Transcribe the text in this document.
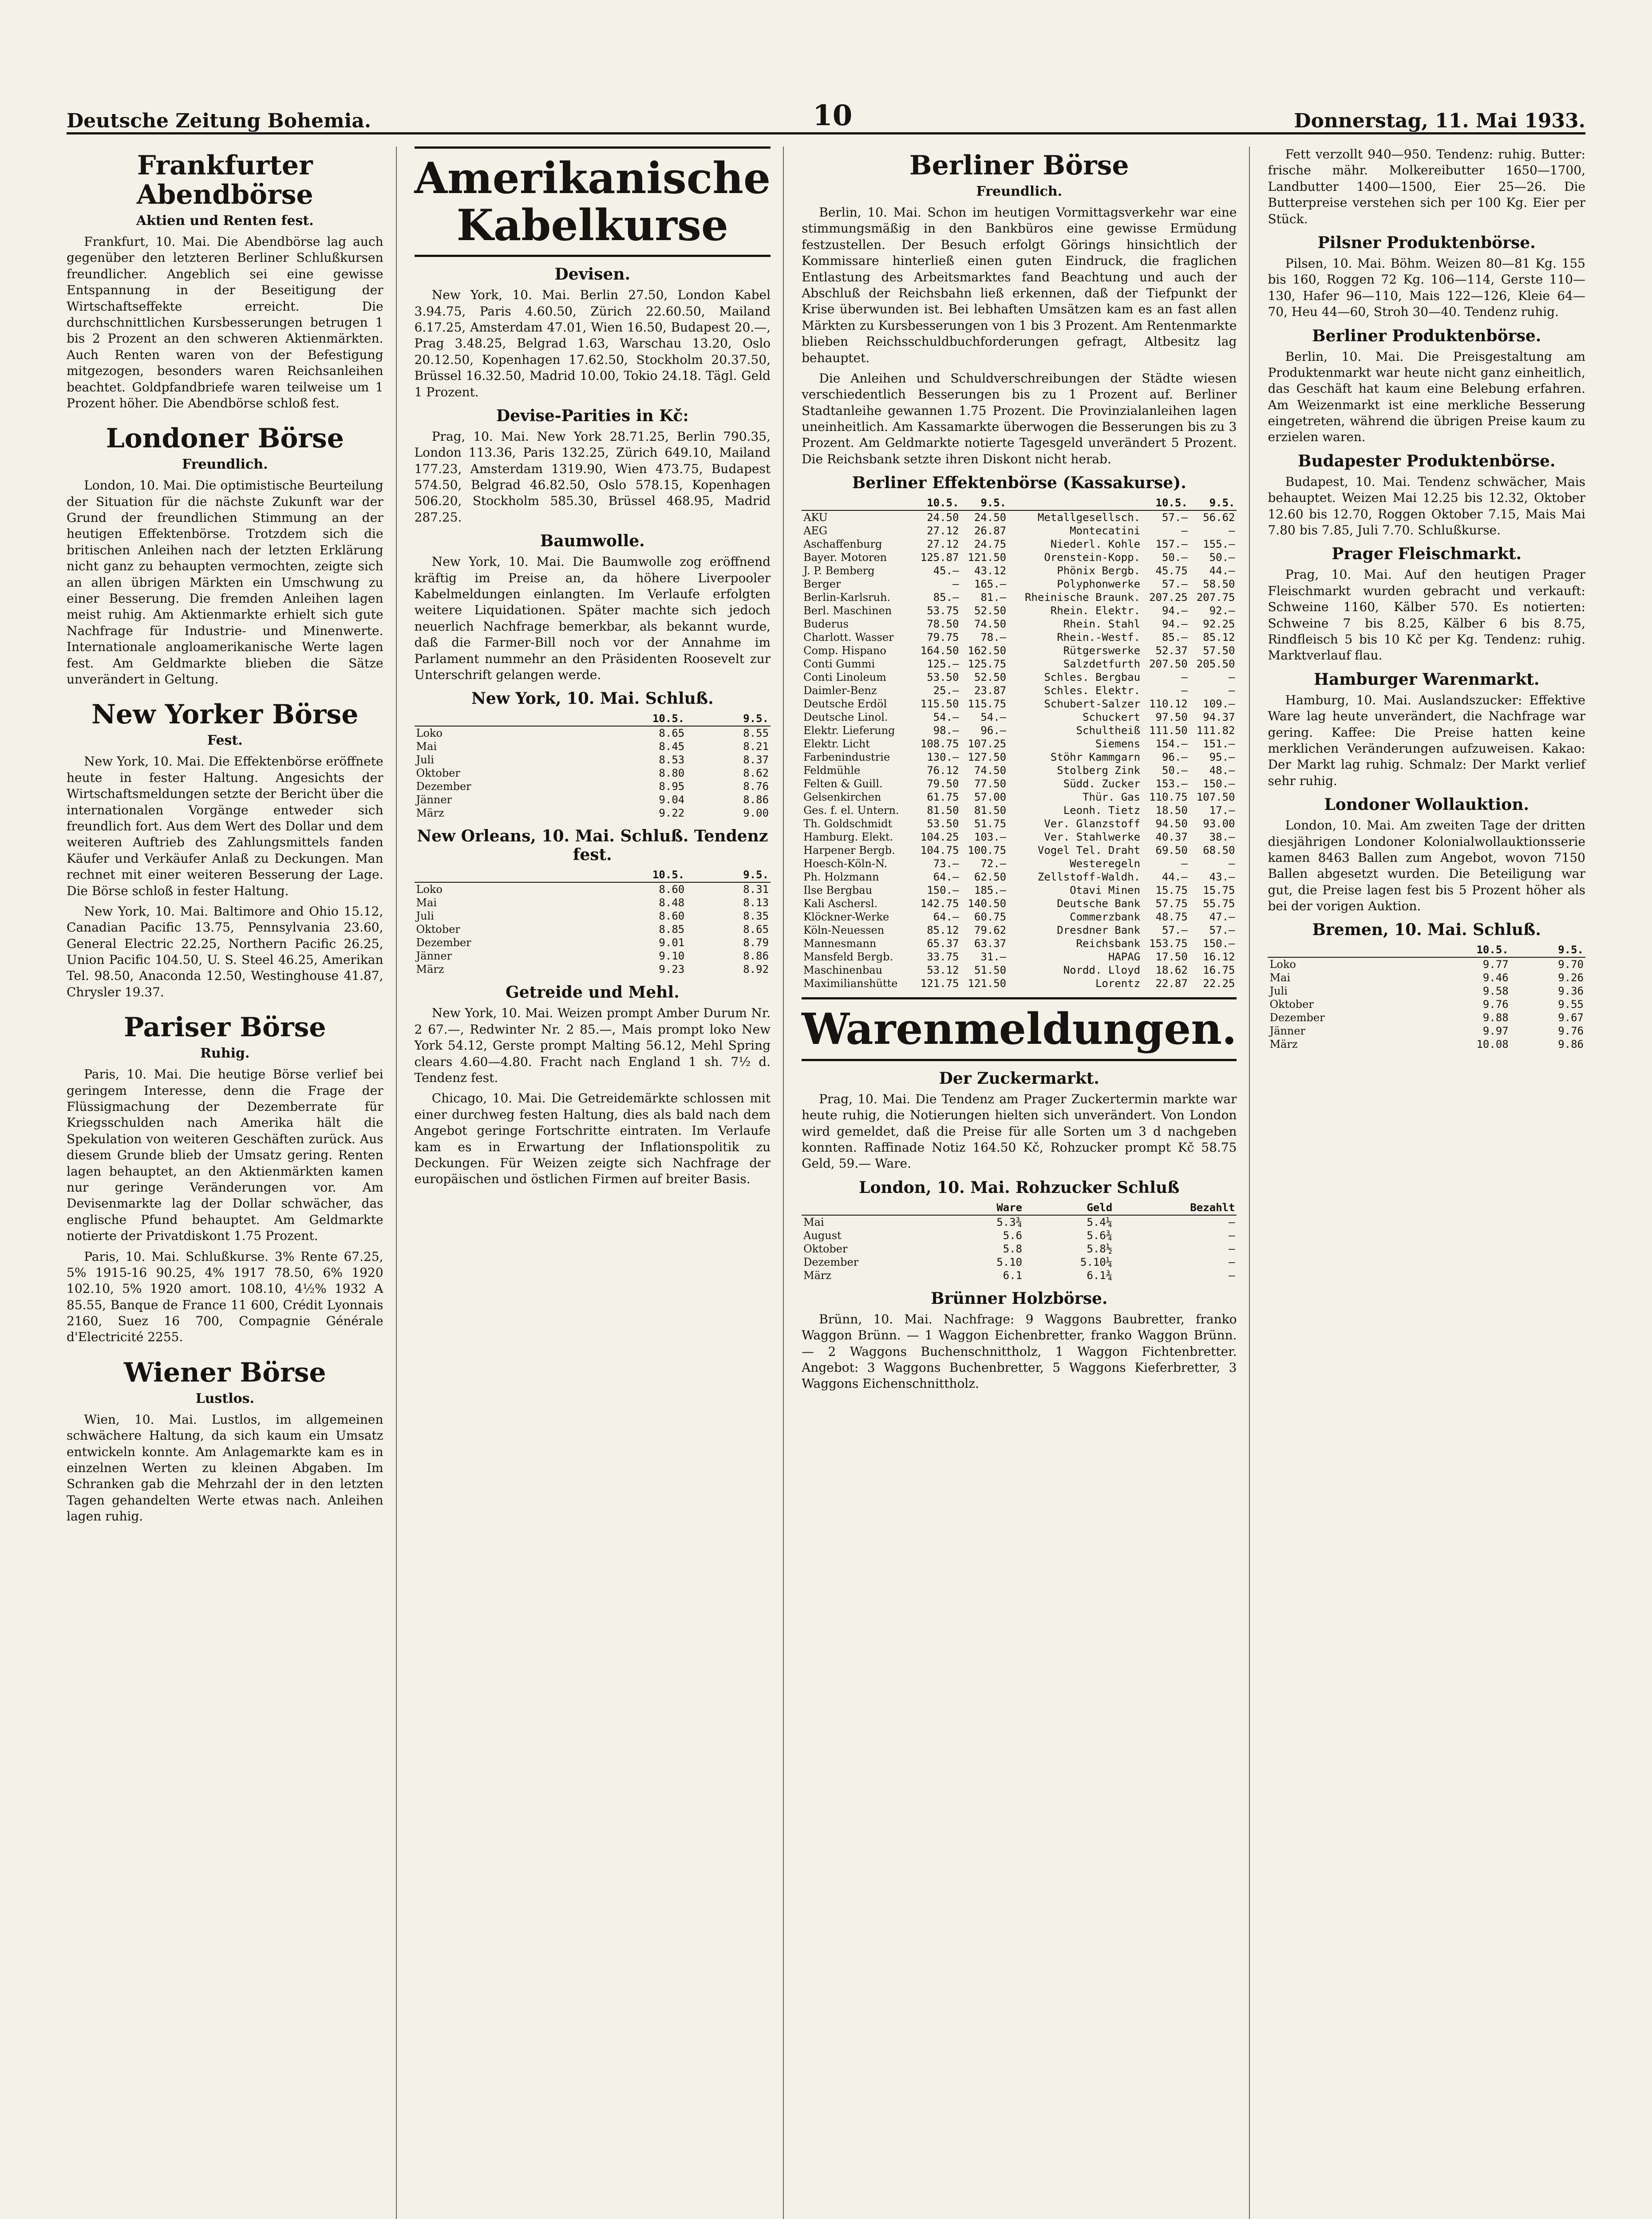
Deutsche Zeitung Bohemia.	10	Donnerstag, 11. Mai 1933.
Frankfurter Abendbörse
Aktien und Renten fest.

Frankfurt, 10. Mai. Die Abendbörse lag auch gegenüber den letzteren Berliner Schlußkursen freundlicher. Angeblich sei eine gewisse Entspannung in der Beseitigung der Wirtschaftseffekte erreicht. Die durchschnittlichen Kursbesserungen betrugen 1 bis 2 Prozent an den schweren Aktienmärkten. Auch Renten waren von der Befestigung mitgezogen, besonders waren Reichsanleihen beachtet. Goldpfandbriefe waren teilweise um 1 Prozent höher. Die Abendbörse schloß fest.

Londoner Börse
Freundlich.

London, 10. Mai. Die optimistische Beurteilung der Situation für die nächste Zukunft war der Grund der freundlichen Stimmung an der heutigen Effektenbörse. Trotzdem sich die britischen Anleihen nach der letzten Erklärung nicht ganz zu behaupten vermochten, zeigte sich an allen übrigen Märkten ein Umschwung zu einer Besserung. Die fremden Anleihen lagen meist ruhig. Am Aktienmarkte erhielt sich gute Nachfrage für Industrie- und Minenwerte. Internationale angloamerikanische Werte lagen fest. Am Geldmarkte blieben die Sätze unverändert in Geltung.

New Yorker Börse
Fest.

New York, 10. Mai. Die Effektenbörse eröffnete heute in fester Haltung. Angesichts der Wirtschaftsmeldungen setzte der Bericht über die internationalen Vorgänge entweder sich freundlich fort. Aus dem Wert des Dollar und dem weiteren Auftrieb des Zahlungsmittels fanden Käufer und Verkäufer Anlaß zu Deckungen. Man rechnet mit einer weiteren Besserung der Lage. Die Börse schloß in fester Haltung.

New York, 10. Mai. Baltimore and Ohio 15.12, Canadian Pacific 13.75, Pennsylvania 23.60, General Electric 22.25, Northern Pacific 26.25, Union Pacific 104.50, U. S. Steel 46.25, Amerikan Tel. 98.50, Anaconda 12.50, Westinghouse 41.87, Chrysler 19.37.

Pariser Börse
Ruhig.

Paris, 10. Mai. Die heutige Börse verlief bei geringem Interesse, denn die Frage der Flüssigmachung der Dezemberrate für Kriegsschulden nach Amerika hält die Spekulation von weiteren Geschäften zurück. Aus diesem Grunde blieb der Umsatz gering. Renten lagen behauptet, an den Aktienmärkten kamen nur geringe Veränderungen vor. Am Devisenmarkte lag der Dollar schwächer, das englische Pfund behauptet. Am Geldmarkte notierte der Privatdiskont 1.75 Prozent.

Paris, 10. Mai. Schlußkurse. 3% Rente 67.25, 5% 1915-16 90.25, 4% 1917 78.50, 6% 1920 102.10, 5% 1920 amort. 108.10, 4½% 1932 A 85.55, Banque de France 11 600, Crédit Lyonnais 2160, Suez 16 700, Compagnie Générale d'Electricité 2255.

Wiener Börse
Lustlos.

Wien, 10. Mai. Lustlos, im allgemeinen schwächere Haltung, da sich kaum ein Umsatz entwickeln konnte. Am Anlagemarkte kam es in einzelnen Werten zu kleinen Abgaben. Im Schranken gab die Mehrzahl der in den letzten Tagen gehandelten Werte etwas nach. Anleihen lagen ruhig.

Amerikanische Kabelkurse
Devisen.

New York, 10. Mai. Berlin 27.50, London Kabel 3.94.75, Paris 4.60.50, Zürich 22.60.50, Mailand 6.17.25, Amsterdam 47.01, Wien 16.50, Budapest 20.—, Prag 3.48.25, Belgrad 1.63, Warschau 13.20, Oslo 20.12.50, Kopenhagen 17.62.50, Stockholm 20.37.50, Brüssel 16.32.50, Madrid 10.00, Tokio 24.18. Tägl. Geld 1 Prozent.

Devise-Parities in Kč:

Prag, 10. Mai. New York 28.71.25, Berlin 790.35, London 113.36, Paris 132.25, Zürich 649.10, Mailand 177.23, Amsterdam 1319.90, Wien 473.75, Budapest 574.50, Belgrad 46.82.50, Oslo 578.15, Kopenhagen 506.20, Stockholm 585.30, Brüssel 468.95, Madrid 287.25.

Baumwolle.

New York, 10. Mai. Die Baumwolle zog eröffnend kräftig im Preise an, da höhere Liverpooler Kabelmeldungen einlangten. Im Verlaufe erfolgten weitere Liquidationen. Später machte sich jedoch neuerlich Nachfrage bemerkbar, als bekannt wurde, daß die Farmer-Bill noch vor der Annahme im Parlament nummehr an den Präsidenten Roosevelt zur Unterschrift gelangen werde.

New York, 10. Mai. Schluß.
	10.5.	9.5.
Loko	8.65	8.55
Mai	8.45	8.21
Juli	8.53	8.37
Oktober	8.80	8.62
Dezember	8.95	8.76
Jänner	9.04	8.86
März	9.22	9.00
New Orleans, 10. Mai. Schluß. Tendenz fest.
	10.5.	9.5.
Loko	8.60	8.31
Mai	8.48	8.13
Juli	8.60	8.35
Oktober	8.85	8.65
Dezember	9.01	8.79
Jänner	9.10	8.86
März	9.23	8.92
Getreide und Mehl.

New York, 10. Mai. Weizen prompt Amber Durum Nr. 2 67.—, Redwinter Nr. 2 85.—, Mais prompt loko New York 54.12, Gerste prompt Malting 56.12, Mehl Spring clears 4.60—4.80. Fracht nach England 1 sh. 7½ d. Tendenz fest.

Chicago, 10. Mai. Die Getreidemärkte schlossen mit einer durchweg festen Haltung, dies als bald nach dem Angebot geringe Fortschritte eintraten. Im Verlaufe kam es in Erwartung der Inflationspolitik zu Deckungen. Für Weizen zeigte sich Nachfrage der europäischen und östlichen Firmen auf breiter Basis.

Berliner Börse
Freundlich.

Berlin, 10. Mai. Schon im heutigen Vormittagsverkehr war eine stimmungsmäßig in den Bankbüros eine gewisse Ermüdung festzustellen. Der Besuch erfolgt Görings hinsichtlich der Kommissare hinterließ einen guten Eindruck, die fraglichen Entlastung des Arbeitsmarktes fand Beachtung und auch der Abschluß der Reichsbahn ließ erkennen, daß der Tiefpunkt der Krise überwunden ist. Bei lebhaften Umsätzen kam es an fast allen Märkten zu Kursbesserungen von 1 bis 3 Prozent. Am Rentenmarkte blieben Reichsschuldbuchforderungen gefragt, Altbesitz lag behauptet.

Die Anleihen und Schuldverschreibungen der Städte wiesen verschiedentlich Besserungen bis zu 1 Prozent auf. Berliner Stadtanleihe gewannen 1.75 Prozent. Die Provinzialanleihen lagen uneinheitlich. Am Kassamarkte überwogen die Besserungen bis zu 3 Prozent. Am Geldmarkte notierte Tagesgeld unverändert 5 Prozent. Die Reichsbank setzte ihren Diskont nicht herab.

Berliner Effektenbörse (Kassakurse).
	10.5.	9.5.		10.5.	9.5.
AKU	24.50	24.50	Metallgesellsch.	57.—	56.62
AEG	27.12	26.87	Montecatini	—	—
Aschaffenburg	27.12	24.75	Niederl. Kohle	157.—	155.—
Bayer. Motoren	125.87	121.50	Orenstein-Kopp.	50.—	50.—
J. P. Bemberg	45.—	43.12	Phönix Bergb.	45.75	44.—
Berger	—	165.—	Polyphonwerke	57.—	58.50
Berlin-Karlsruh.	85.—	81.—	Rheinische Braunk.	207.25	207.75
Berl. Maschinen	53.75	52.50	Rhein. Elektr.	94.—	92.—
Buderus	78.50	74.50	Rhein. Stahl	94.—	92.25
Charlott. Wasser	79.75	78.—	Rhein.-Westf.	85.—	85.12
Comp. Hispano	164.50	162.50	Rütgerswerke	52.37	57.50
Conti Gummi	125.—	125.75	Salzdetfurth	207.50	205.50
Conti Linoleum	53.50	52.50	Schles. Bergbau	—	—
Daimler-Benz	25.—	23.87	Schles. Elektr.	—	—
Deutsche Erdöl	115.50	115.75	Schubert-Salzer	110.12	109.—
Deutsche Linol.	54.—	54.—	Schuckert	97.50	94.37
Elektr. Lieferung	98.—	96.—	Schultheiß	111.50	111.82
Elektr. Licht	108.75	107.25	Siemens	154.—	151.—
Farbenindustrie	130.—	127.50	Stöhr Kammgarn	96.—	95.—
Feldmühle	76.12	74.50	Stolberg Zink	50.—	48.—
Felten & Guill.	79.50	77.50	Südd. Zucker	153.—	150.—
Gelsenkirchen	61.75	57.00	Thür. Gas	110.75	107.50
Ges. f. el. Untern.	81.50	81.50	Leonh. Tietz	18.50	17.—
Th. Goldschmidt	53.50	51.75	Ver. Glanzstoff	94.50	93.00
Hamburg. Elekt.	104.25	103.—	Ver. Stahlwerke	40.37	38.—
Harpener Bergb.	104.75	100.75	Vogel Tel. Draht	69.50	68.50
Hoesch-Köln-N.	73.—	72.—	Westeregeln	—	—
Ph. Holzmann	64.—	62.50	Zellstoff-Waldh.	44.—	43.—
Ilse Bergbau	150.—	185.—	Otavi Minen	15.75	15.75
Kali Aschersl.	142.75	140.50	Deutsche Bank	57.75	55.75
Klöckner-Werke	64.—	60.75	Commerzbank	48.75	47.—
Köln-Neuessen	85.12	79.62	Dresdner Bank	57.—	57.—
Mannesmann	65.37	63.37	Reichsbank	153.75	150.—
Mansfeld Bergb.	33.75	31.—	HAPAG	17.50	16.12
Maschinenbau	53.12	51.50	Nordd. Lloyd	18.62	16.75
Maximilianshütte	121.75	121.50	Lorentz	22.87	22.25
Warenmeldungen.
Der Zuckermarkt.

Prag, 10. Mai. Die Tendenz am Prager Zuckertermin markte war heute ruhig, die Notierungen hielten sich unverändert. Von London wird gemeldet, daß die Preise für alle Sorten um 3 d nachgeben konnten. Raffinade Notiz 164.50 Kč, Rohzucker prompt Kč 58.75 Geld, 59.— Ware.

London, 10. Mai. Rohzucker Schluß
	Ware	Geld	Bezahlt
Mai	5.3¾	5.4¼	—
August	5.6	5.6¾	—
Oktober	5.8	5.8½	—
Dezember	5.10	5.10¼	—
März	6.1	6.1¾	—
Brünner Holzbörse.

Brünn, 10. Mai. Nachfrage: 9 Waggons Baubretter, franko Waggon Brünn. — 1 Waggon Eichenbretter, franko Waggon Brünn. — 2 Waggons Buchenschnittholz, 1 Waggon Fichtenbretter. Angebot: 3 Waggons Buchenbretter, 5 Waggons Kieferbretter, 3 Waggons Eichenschnittholz.

Fett verzollt 940—950. Tendenz: ruhig. Butter: frische mähr. Molkereibutter 1650—1700, Landbutter 1400—1500, Eier 25—26. Die Butterpreise verstehen sich per 100 Kg. Eier per Stück.

Pilsner Produktenbörse.

Pilsen, 10. Mai. Böhm. Weizen 80—81 Kg. 155 bis 160, Roggen 72 Kg. 106—114, Gerste 110—130, Hafer 96—110, Mais 122—126, Kleie 64—70, Heu 44—60, Stroh 30—40. Tendenz ruhig.

Berliner Produktenbörse.

Berlin, 10. Mai. Die Preisgestaltung am Produktenmarkt war heute nicht ganz einheitlich, das Geschäft hat kaum eine Belebung erfahren. Am Weizenmarkt ist eine merkliche Besserung eingetreten, während die übrigen Preise kaum zu erzielen waren.

Budapester Produktenbörse.

Budapest, 10. Mai. Tendenz schwächer, Mais behauptet. Weizen Mai 12.25 bis 12.32, Oktober 12.60 bis 12.70, Roggen Oktober 7.15, Mais Mai 7.80 bis 7.85, Juli 7.70. Schlußkurse.

Prager Fleischmarkt.

Prag, 10. Mai. Auf den heutigen Prager Fleischmarkt wurden gebracht und verkauft: Schweine 1160, Kälber 570. Es notierten: Schweine 7 bis 8.25, Kälber 6 bis 8.75, Rindfleisch 5 bis 10 Kč per Kg. Tendenz: ruhig. Marktverlauf flau.

Hamburger Warenmarkt.

Hamburg, 10. Mai. Auslandszucker: Effektive Ware lag heute unverändert, die Nachfrage war gering. Kaffee: Die Preise hatten keine merklichen Veränderungen aufzuweisen. Kakao: Der Markt lag ruhig. Schmalz: Der Markt verlief sehr ruhig.

Londoner Wollauktion.

London, 10. Mai. Am zweiten Tage der dritten diesjährigen Londoner Kolonialwollauktionsserie kamen 8463 Ballen zum Angebot, wovon 7150 Ballen abgesetzt wurden. Die Beteiligung war gut, die Preise lagen fest bis 5 Prozent höher als bei der vorigen Auktion.

Bremen, 10. Mai. Schluß.
	10.5.	9.5.
Loko	9.77	9.70
Mai	9.46	9.26
Juli	9.58	9.36
Oktober	9.76	9.55
Dezember	9.88	9.67
Jänner	9.97	9.76
März	10.08	9.86
